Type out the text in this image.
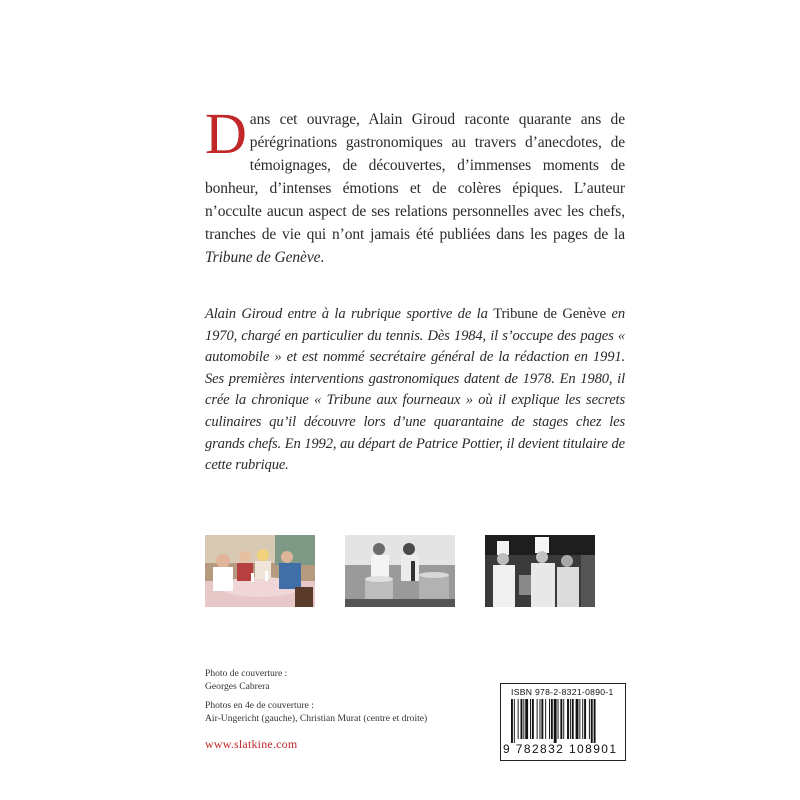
Dans cet ouvrage, Alain Giroud raconte quarante ans de pérégrinations gastronomiques au travers d’anecdotes, de témoignages, de découvertes, d’immenses moments de bonheur, d’intenses émotions et de colères épiques. L’auteur n’occulte aucun aspect de ses relations personnelles avec les chefs, tranches de vie qui n’ont jamais été publiées dans les pages de la Tribune de Genève.
Alain Giroud entre à la rubrique sportive de la Tribune de Genève en 1970, chargé en particulier du tennis. Dès 1984, il s’occupe des pages « automobile » et est nommé secrétaire général de la rédaction en 1991. Ses premières interventions gastronomiques datent de 1978. En 1980, il crée la chronique « Tribune aux fourneaux » où il explique les secrets culinaires qu’il découvre lors d’une quarantaine de stages chez les grands chefs. En 1992, au départ de Patrice Pottier, il devient titulaire de cette rubrique.
Photo de couverture :
Georges Cabrera
Photos en 4e de couverture :
Air-Ungericht (gauche), Christian Murat (centre et droite)
www.slatkine.com
ISBN 978-2-8321-0890-1
9 782832 108901
